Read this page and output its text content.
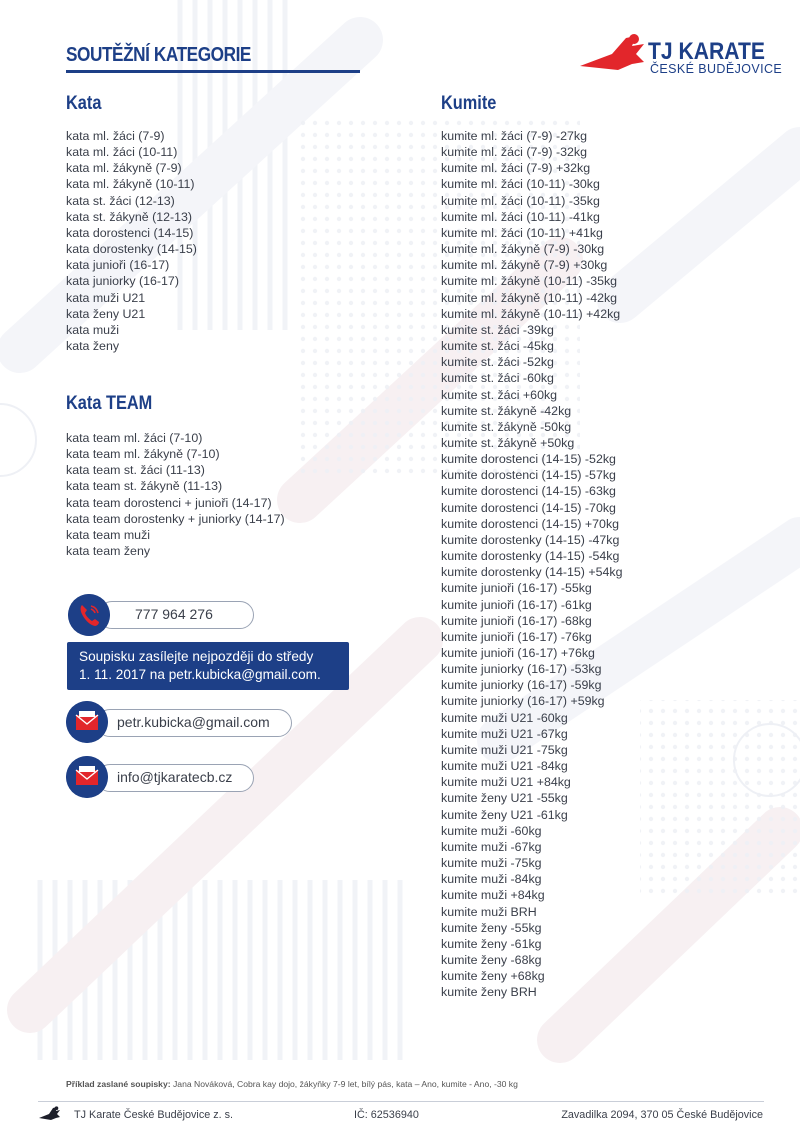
SOUTĚŽNÍ KATEGORIE	TJ KARATE
ČESKÉ BUDĚJOVICE
Kata
kata ml. žáci (7-9)
kata ml. žáci (10-11)
kata ml. žákyně (7-9)
kata ml. žákyně (10-11)
kata st. žáci (12-13)
kata st. žákyně (12-13)
kata dorostenci (14-15)
kata dorostenky (14-15)
kata junioři (16-17)
kata juniorky (16-17)
kata muži U21
kata ženy U21
kata muži
kata ženy
Kata TEAM
kata team ml. žáci (7-10)
kata team ml. žákyně (7-10)
kata team st. žáci (11-13)
kata team st. žákyně (11-13)
kata team dorostenci + junioři (14-17)
kata team dorostenky + juniorky (14-17)
kata team muži
kata team ženy
Kumite
kumite ml. žáci (7-9) -27kg
kumite ml. žáci (7-9) -32kg
kumite ml. žáci (7-9) +32kg
kumite ml. žáci (10-11) -30kg
kumite ml. žáci (10-11) -35kg
kumite ml. žáci (10-11) -41kg
kumite ml. žáci (10-11) +41kg
kumite ml. žákyně (7-9) -30kg
kumite ml. žákyně (7-9) +30kg
kumite ml. žákyně (10-11) -35kg
kumite ml. žákyně (10-11) -42kg
kumite ml. žákyně (10-11) +42kg
kumite st. žáci -39kg
kumite st. žáci -45kg
kumite st. žáci -52kg
kumite st. žáci -60kg
kumite st. žáci +60kg
kumite st. žákyně -42kg
kumite st. žákyně -50kg
kumite st. žákyně +50kg
kumite dorostenci (14-15) -52kg
kumite dorostenci (14-15) -57kg
kumite dorostenci (14-15) -63kg
kumite dorostenci (14-15) -70kg
kumite dorostenci (14-15) +70kg
kumite dorostenky (14-15) -47kg
kumite dorostenky (14-15) -54kg
kumite dorostenky (14-15) +54kg
kumite junioři (16-17) -55kg
kumite junioři (16-17) -61kg
kumite junioři (16-17) -68kg
kumite junioři (16-17) -76kg
kumite junioři (16-17) +76kg
kumite juniorky (16-17) -53kg
kumite juniorky (16-17) -59kg
kumite juniorky (16-17) +59kg
kumite muži U21 -60kg
kumite muži U21 -67kg
kumite muži U21 -75kg
kumite muži U21 -84kg
kumite muži U21 +84kg
kumite ženy U21 -55kg
kumite ženy U21 -61kg
kumite muži -60kg
kumite muži -67kg
kumite muži -75kg
kumite muži -84kg
kumite muži +84kg
kumite muži BRH
kumite ženy -55kg
kumite ženy -61kg
kumite ženy -68kg
kumite ženy +68kg
kumite ženy BRH
777 964 276
Soupisku zasílejte nejpozději do středy
1. 11. 2017 na petr.kubicka@gmail.com.
petr.kubicka@gmail.com
info@tjkaratecb.cz
Příklad zaslané soupisky: Jana Nováková, Cobra kay dojo, žákyňky 7-9 let, bílý pás, kata – Ano, kumite - Ano, -30 kg
TJ Karate České Budějovice z. s.	IČ: 62536940	Zavadilka 2094, 370 05 České Budějovice
